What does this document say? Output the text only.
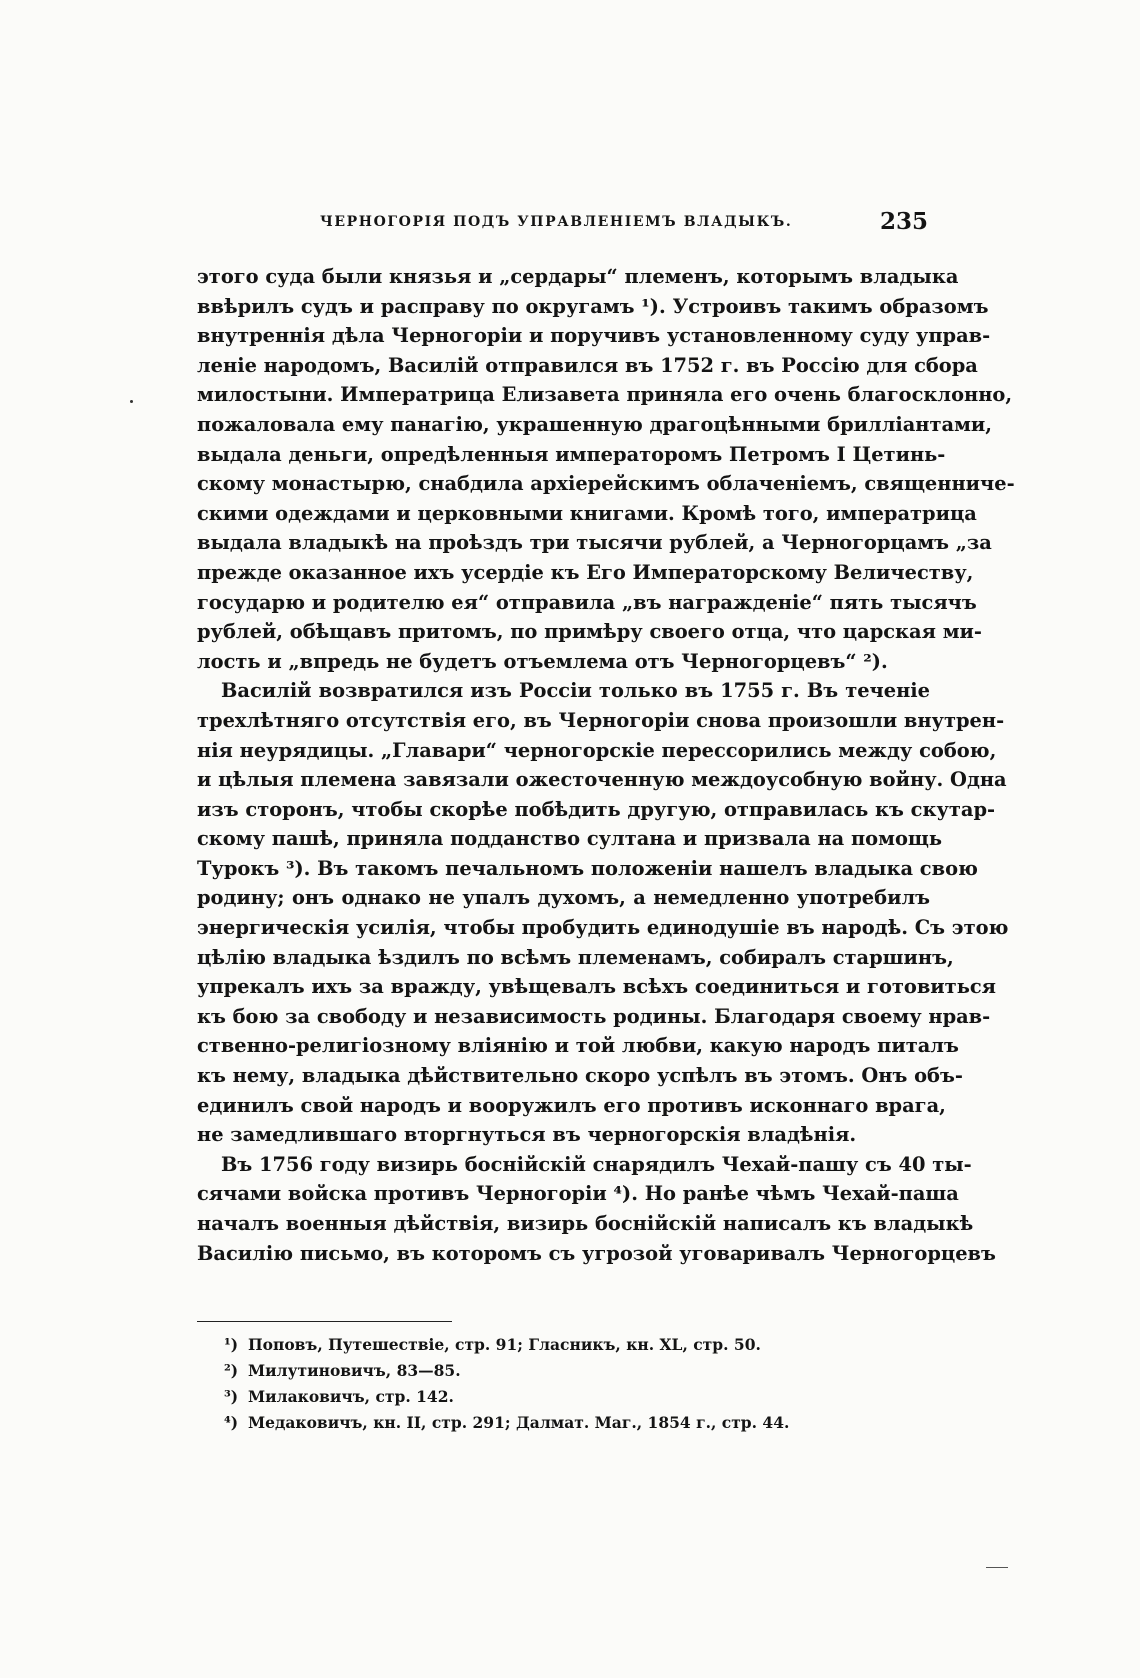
ЧЕРНОГОРІЯ ПОДЪ УПРАВЛЕНІЕМЪ ВЛАДЫКЪ.	235
этого суда были князья и „сердары“ племенъ, которымъ владыка
ввѣрилъ судъ и расправу по округамъ ¹). Устроивъ такимъ образомъ
внутреннія дѣла Черногоріи и поручивъ установленному суду управ-
леніе народомъ, Василій отправился въ 1752 г. въ Россію для сбора
милостыни. Императрица Елизавета приняла его очень благосклонно,
пожаловала ему панагію, украшенную драгоцѣнными брилліантами,
выдала деньги, опредѣленныя императоромъ Петромъ I Цетинь-
скому монастырю, снабдила архіерейскимъ облаченіемъ, священниче-
скими одеждами и церковными книгами. Кромѣ того, императрица
выдала владыкѣ на проѣздъ три тысячи рублей, а Черногорцамъ „за
прежде оказанное ихъ усердіе къ Его Императорскому Величеству,
государю и родителю ея“ отправила „въ награжденіе“ пять тысячъ
рублей, обѣщавъ притомъ, по примѣру своего отца, что царская ми-
лость и „впредь не будетъ отъемлема отъ Черногорцевъ“ ²).
Василій возвратился изъ Россіи только въ 1755 г. Въ теченіе
трехлѣтняго отсутствія его, въ Черногоріи снова произошли внутрен-
нія неурядицы. „Главари“ черногорскіе перессорились между собою,
и цѣлыя племена завязали ожесточенную междоусобную войну. Одна
изъ сторонъ, чтобы скорѣе побѣдить другую, отправилась къ скутар-
скому пашѣ, приняла подданство султана и призвала на помощь
Турокъ ³). Въ такомъ печальномъ положеніи нашелъ владыка свою
родину; онъ однако не упалъ духомъ, а немедленно употребилъ
энергическія усилія, чтобы пробудить единодушіе въ народѣ. Съ этою
цѣлію владыка ѣздилъ по всѣмъ племенамъ, собиралъ старшинъ,
упрекалъ ихъ за вражду, увѣщевалъ всѣхъ соединиться и готовиться
къ бою за свободу и независимость родины. Благодаря своему нрав-
ственно-религіозному вліянію и той любви, какую народъ питалъ
къ нему, владыка дѣйствительно скоро успѣлъ въ этомъ. Онъ объ-
единилъ свой народъ и вооружилъ его противъ исконнаго врага,
не замедлившаго вторгнуться въ черногорскія владѣнія.
Въ 1756 году визирь боснійскій снарядилъ Чехай-пашу съ 40 ты-
сячами войска противъ Черногоріи ⁴). Но ранѣе чѣмъ Чехай-паша
началъ военныя дѣйствія, визирь боснійскій написалъ къ владыкѣ
Василію письмо, въ которомъ съ угрозой уговаривалъ Черногорцевъ
¹) Поповъ, Путешествіе, стр. 91; Гласникъ, кн. XL, стр. 50.
²) Милутиновичъ, 83—85.
³) Милаковичъ, стр. 142.
⁴) Медаковичъ, кн. II, стр. 291; Далмат. Маг., 1854 г., стр. 44.
